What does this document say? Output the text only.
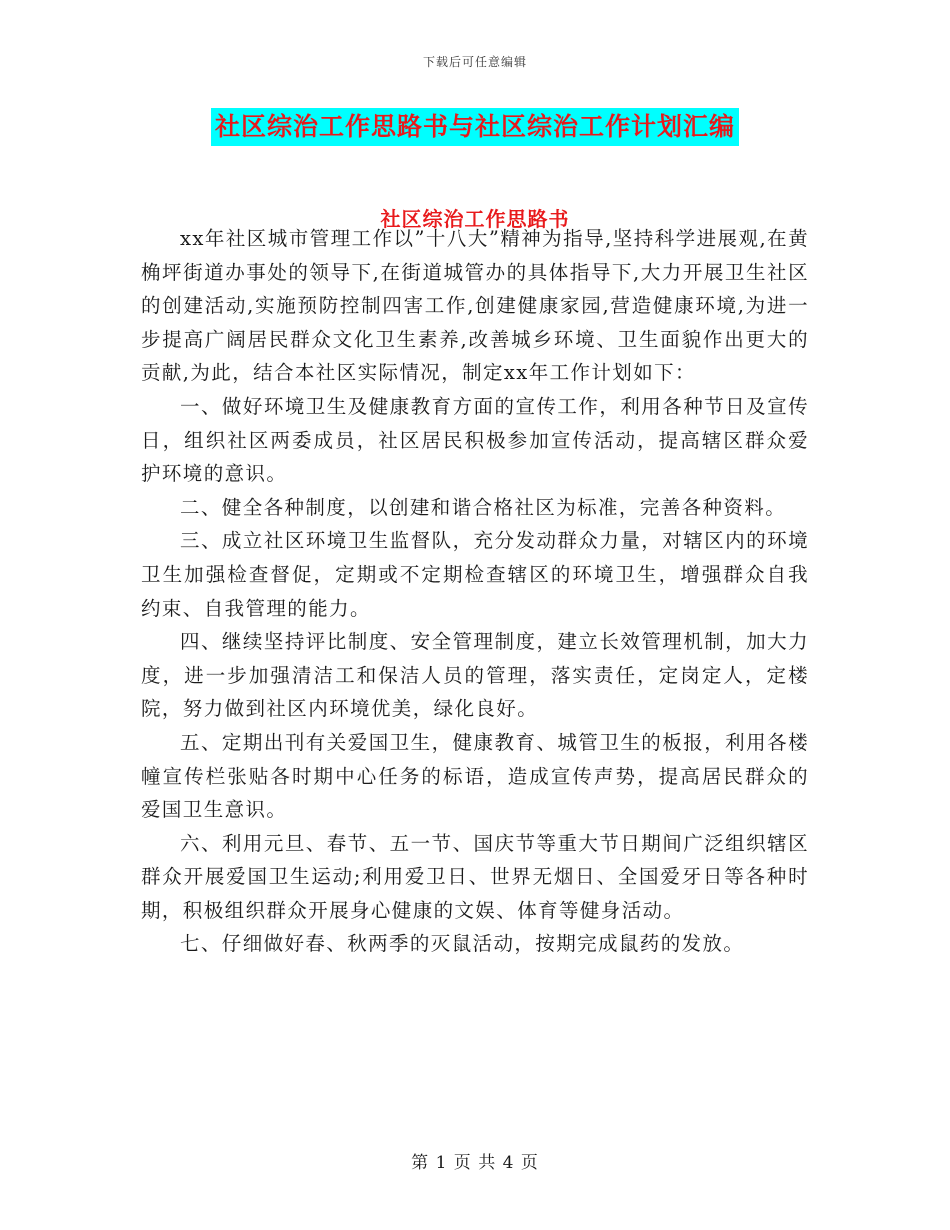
下载后可任意编辑
社区综治工作思路书与社区综治工作计划汇编
社区综治工作思路书

xx年社区城市管理工作以”十八大”精神为指导,坚持科学进展观,在黄桷坪街道办事处的领导下,在街道城管办的具体指导下,大力开展卫生社区的创建活动,实施预防控制四害工作,创建健康家园,营造健康环境,为进一步提高广阔居民群众文化卫生素养,改善城乡环境、卫生面貌作出更大的贡献,为此，结合本社区实际情况，制定xx年工作计划如下：

一、做好环境卫生及健康教育方面的宣传工作，利用各种节日及宣传日，组织社区两委成员，社区居民积极参加宣传活动，提高辖区群众爱护环境的意识。

二、健全各种制度，以创建和谐合格社区为标准，完善各种资料。

三、成立社区环境卫生监督队，充分发动群众力量，对辖区内的环境卫生加强检查督促，定期或不定期检查辖区的环境卫生，增强群众自我约束、自我管理的能力。

四、继续坚持评比制度、安全管理制度，建立长效管理机制，加大力度，进一步加强清洁工和保洁人员的管理，落实责任，定岗定人，定楼院，努力做到社区内环境优美，绿化良好。

五、定期出刊有关爱国卫生，健康教育、城管卫生的板报，利用各楼幢宣传栏张贴各时期中心任务的标语，造成宣传声势，提高居民群众的爱国卫生意识。

六、利用元旦、春节、五一节、国庆节等重大节日期间广泛组织辖区群众开展爱国卫生运动;利用爱卫日、世界无烟日、全国爱牙日等各种时期，积极组织群众开展身心健康的文娱、体育等健身活动。

七、仔细做好春、秋两季的灭鼠活动，按期完成鼠药的发放。

第 1 页 共 4 页
